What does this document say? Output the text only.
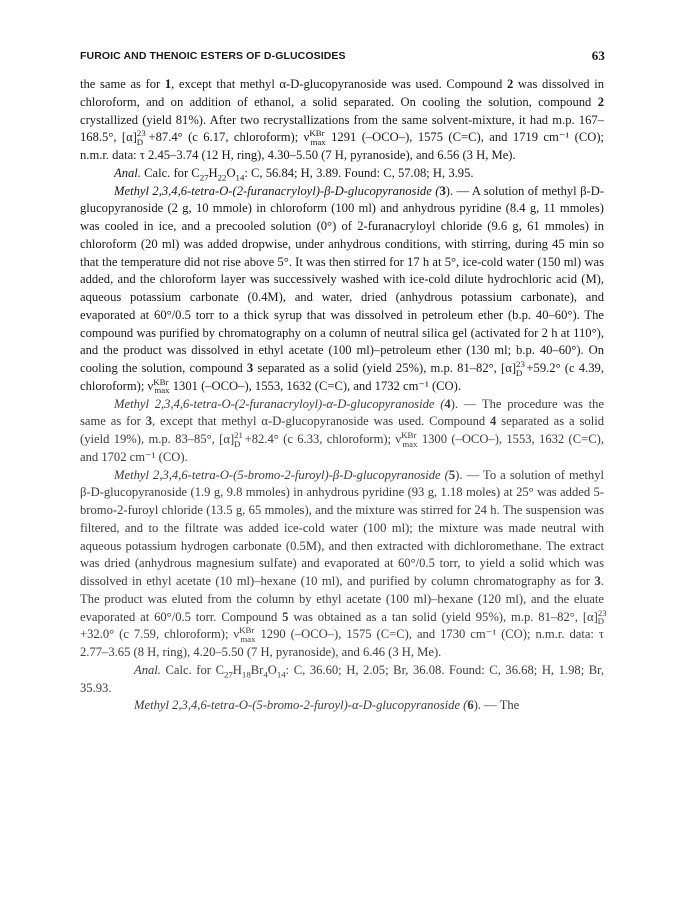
FUROIC AND THENOIC ESTERS OF D-GLUCOSIDES	63

the same as for 1, except that methyl α-D-glucopyranoside was used. Compound 2 was dissolved in chloroform, and on addition of ethanol, a solid separated. On cooling the solution, compound 2 crystallized (yield 81%). After two recrystallizations from the same solvent-mixture, it had m.p. 167–168.5°, $[\alpha]^{23}_D +87.4^\circ$ (c 6.17, chloroform); $\nu^{KBr}_{max}$ 1291 (–OCO–), 1575 (C=C), and 1719 cm⁻¹ (CO); n.m.r. data: τ 2.45–3.74 (12 H, ring), 4.30–5.50 (7 H, pyranoside), and 6.56 (3 H, Me).

Anal. Calc. for $C_{27}H_{22}O_{14}$: C, 56.84; H, 3.89. Found: C, 57.08; H, 3.95.

Methyl 2,3,4,6-tetra-O-(2-furanacryloyl)-β-D-glucopyranoside (3). — A solution of methyl β-D-glucopyranoside (2 g, 10 mmole) in chloroform (100 ml) and anhydrous pyridine (8.4 g, 11 mmoles) was cooled in ice, and a precooled solution (0°) of 2-furanacryloyl chloride (9.6 g, 61 mmoles) in chloroform (20 ml) was added dropwise, under anhydrous conditions, with stirring, during 45 min so that the temperature did not rise above 5°. It was then stirred for 17 h at 5°, ice-cold water (150 ml) was added, and the chloroform layer was successively washed with ice-cold dilute hydrochloric acid (M), aqueous potassium carbonate (0.4M), and water, dried (anhydrous potassium carbonate), and evaporated at 60°/0.5 torr to a thick syrup that was dissolved in petroleum ether (b.p. 40–60°). The compound was purified by chromatography on a column of neutral silica gel (activated for 2 h at 110°), and the product was dissolved in ethyl acetate (100 ml)–petroleum ether (130 ml; b.p. 40–60°). On cooling the solution, compound 3 separated as a solid (yield 25%), m.p. 81–82°, $[\alpha]^{23}_D +59.2^\circ$ (c 4.39, chloroform); $\nu^{KBr}_{max}$ 1301 (–OCO–), 1553, 1632 (C=C), and 1732 cm⁻¹ (CO).

Methyl 2,3,4,6-tetra-O-(2-furanacryloyl)-α-D-glucopyranoside (4). — The procedure was the same as for 3, except that methyl α-D-glucopyranoside was used. Compound 4 separated as a solid (yield 19%), m.p. 83–85°, $[\alpha]^{21}_D +82.4^\circ$ (c 6.33, chloroform); $\nu^{KBr}_{max}$ 1300 (–OCO–), 1553, 1632 (C=C), and 1702 cm⁻¹ (CO).

Methyl 2,3,4,6-tetra-O-(5-bromo-2-furoyl)-β-D-glucopyranoside (5). — To a solution of methyl β-D-glucopyranoside (1.9 g, 9.8 mmoles) in anhydrous pyridine (93 g, 1.18 moles) at 25° was added 5-bromo-2-furoyl chloride (13.5 g, 65 mmoles), and the mixture was stirred for 24 h. The suspension was filtered, and to the filtrate was added ice-cold water (100 ml); the mixture was made neutral with aqueous potassium hydrogen carbonate (0.5M), and then extracted with dichloromethane. The extract was dried (anhydrous magnesium sulfate) and evaporated at 60°/0.5 torr, to yield a solid which was dissolved in ethyl acetate (10 ml)–hexane (10 ml), and purified by column chromatography as for 3. The product was eluted from the column by ethyl acetate (100 ml)–hexane (120 ml), and the eluate evaporated at 60°/0.5 torr. Compound 5 was obtained as a tan solid (yield 95%), m.p. 81–82°, $[\alpha]^{23}_D +32.0^\circ$ (c 7.59, chloroform); $\nu^{KBr}_{max}$ 1290 (–OCO–), 1575 (C=C), and 1730 cm⁻¹ (CO); n.m.r. data: τ 2.77–3.65 (8 H, ring), 4.20–5.50 (7 H, pyranoside), and 6.46 (3 H, Me).

Anal. Calc. for $C_{27}H_{18}Br_4O_{14}$: C, 36.60; H, 2.05; Br, 36.08. Found: C, 36.68; H, 1.98; Br, 35.93.

Methyl 2,3,4,6-tetra-O-(5-bromo-2-furoyl)-α-D-glucopyranoside (6). — The
